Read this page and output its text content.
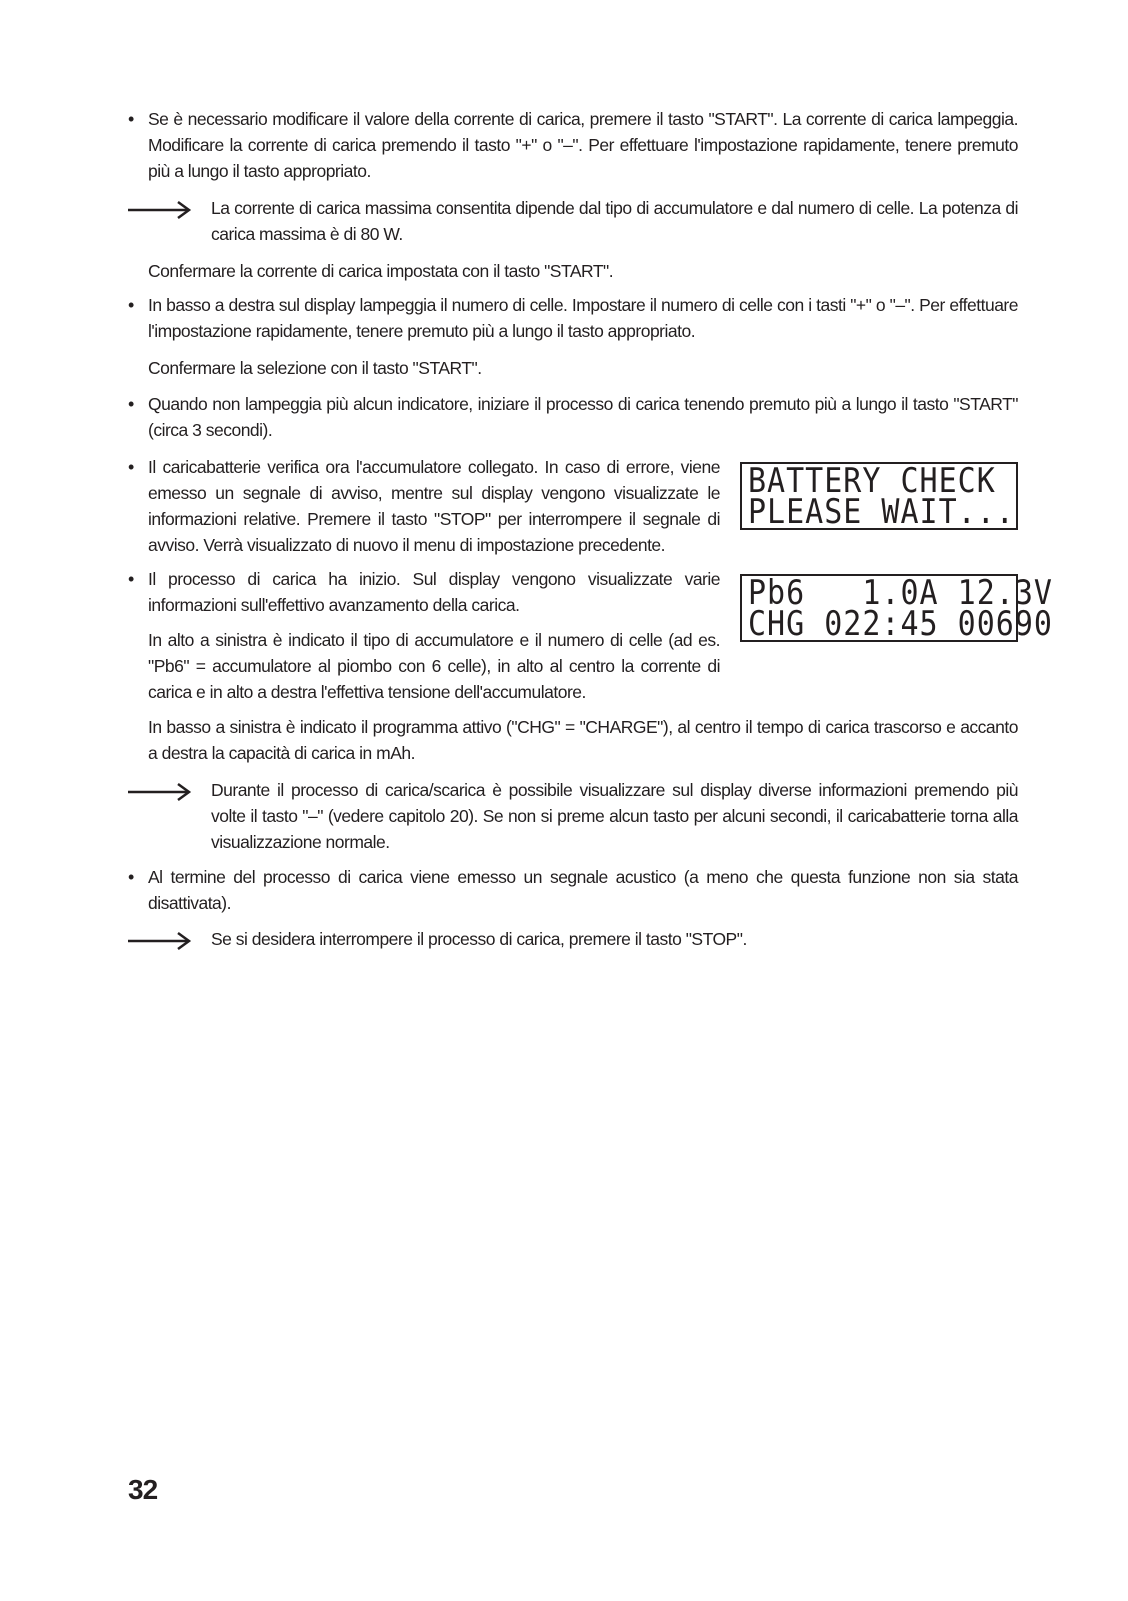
• Se è necessario modificare il valore della corrente di carica, premere il tasto "START". La corrente di carica lampeggia. Modificare la corrente di carica premendo il tasto "+" o "–". Per effettuare l'impostazione rapidamente, tenere premuto più a lungo il tasto appropriato.
La corrente di carica massima consentita dipende dal tipo di accumulatore e dal numero di celle. La potenza di carica massima è di 80 W.
Confermare la corrente di carica impostata con il tasto "START".
• In basso a destra sul display lampeggia il numero di celle. Impostare il numero di celle con i tasti "+" o "–". Per effettuare l'impostazione rapidamente, tenere premuto più a lungo il tasto appropriato.
Confermare la selezione con il tasto "START".
• Quando non lampeggia più alcun indicatore, iniziare il processo di carica tenendo premuto più a lungo il tasto "START" (circa 3 secondi).
• Il caricabatterie verifica ora l'accumulatore collegato. In caso di errore, viene emesso un segnale di avviso, mentre sul display vengono visualizzate le informazioni relative. Premere il tasto "STOP" per interrompere il segnale di avviso. Verrà visualizzato di nuovo il menu di impostazione precedente.
BATTERY CHECK
PLEASE WAIT...
• Il processo di carica ha inizio. Sul display vengono visualizzate varie informazioni sull'effettivo avanzamento della carica.	Pb6   1.0A 12.3V
CHG 022:45 00690
In alto a sinistra è indicato il tipo di accumulatore e il numero di celle (ad es. "Pb6" = accumulatore al piombo con 6 celle), in alto al centro la corrente di carica e in alto a destra l'effettiva tensione dell'accumulatore.
In basso a sinistra è indicato il programma attivo ("CHG" = "CHARGE"), al centro il tempo di carica trascorso e accanto a destra la capacità di carica in mAh.
Durante il processo di carica/scarica è possibile visualizzare sul display diverse informazioni premendo più volte il tasto "–" (vedere capitolo 20). Se non si preme alcun tasto per alcuni secondi, il caricabatterie torna alla visualizzazione normale.
• Al termine del processo di carica viene emesso un segnale acustico (a meno che questa funzione non sia stata disattivata).
Se si desidera interrompere il processo di carica, premere il tasto "STOP".
32
